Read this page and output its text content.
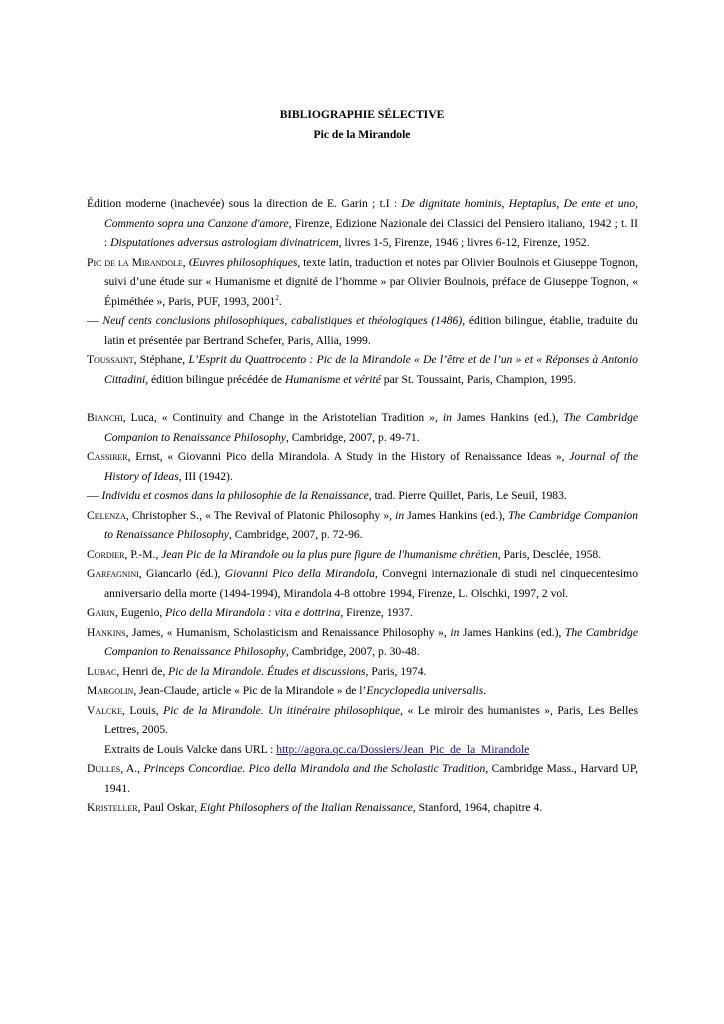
BIBLIOGRAPHIE SÉLECTIVE
Pic de la Mirandole

Édition moderne (inachevée) sous la direction de E. Garin ; t.I : De dignitate hominis, Heptaplus, De ente et uno, Commento sopra una Canzone d'amore, Firenze, Edizione Nazionale dei Classici del Pensiero italiano, 1942 ; t. II : Disputationes adversus astrologiam divinatricem, livres 1-5, Firenze, 1946 ; livres 6-12, Firenze, 1952.

Pic de la Mirandole, Œuvres philosophiques, texte latin, traduction et notes par Olivier Boulnois et Giuseppe Tognon, suivi d’une étude sur « Humanisme et dignité de l’homme » par Olivier Boulnois, préface de Giuseppe Tognon, « Épiméthée », Paris, PUF, 1993, 2001$^2$.

— Neuf cents conclusions philosophiques, cabalistiques et théologiques (1486), édition bilingue, établie, traduite du latin et présentée par Bertrand Schefer, Paris, Allia, 1999.

Toussaint, Stéphane, L’Esprit du Quattrocento : Pic de la Mirandole « De l’être et de l’un » et « Réponses à Antonio Cittadini, édition bilingue précédée de Humanisme et vérité par St. Toussaint, Paris, Champion, 1995.

Bianchi, Luca, « Continuity and Change in the Aristotelian Tradition », in James Hankins (ed.), The Cambridge Companion to Renaissance Philosophy, Cambridge, 2007, p. 49-71.

Cassirer, Ernst, « Giovanni Pico della Mirandola. A Study in the History of Renaissance Ideas », Journal of the History of Ideas, III (1942).

— Individu et cosmos dans la philosophie de la Renaissance, trad. Pierre Quillet, Paris, Le Seuil, 1983.

Celenza, Christopher S., « The Revival of Platonic Philosophy », in James Hankins (ed.), The Cambridge Companion to Renaissance Philosophy, Cambridge, 2007, p. 72-96.

Cordier, P.-M., Jean Pic de la Mirandole ou la plus pure figure de l'humanisme chrétien, Paris, Desclée, 1958.

Garfagnini, Giancarlo (éd.), Giovanni Pico della Mirandola, Convegni internazionale di studi nel cinquecentesimo anniversario della morte (1494-1994), Mirandola 4-8 ottobre 1994, Firenze, L. Olschki, 1997, 2 vol.

Garin, Eugenio, Pico della Mirandola : vita e dottrina, Firenze, 1937.

Hankins, James, « Humanism, Scholasticism and Renaissance Philosophy », in James Hankins (ed.), The Cambridge Companion to Renaissance Philosophy, Cambridge, 2007, p. 30-48.

Lubac, Henri de, Pic de la Mirandole. Études et discussions, Paris, 1974.

Margolin, Jean-Claude, article « Pic de la Mirandole » de l’Encyclopedia universalis.

Valcke, Louis, Pic de la Mirandole. Un itinéraire philosophique, « Le miroir des humanistes », Paris, Les Belles Lettres, 2005.

Extraits de Louis Valcke dans URL : http://agora.qc.ca/Dossiers/Jean_Pic_de_la_Mirandole

Dulles, A., Princeps Concordiae. Pico della Mirandola and the Scholastic Tradition, Cambridge Mass., Harvard UP, 1941.

Kristeller, Paul Oskar, Eight Philosophers of the Italian Renaissance, Stanford, 1964, chapitre 4.
